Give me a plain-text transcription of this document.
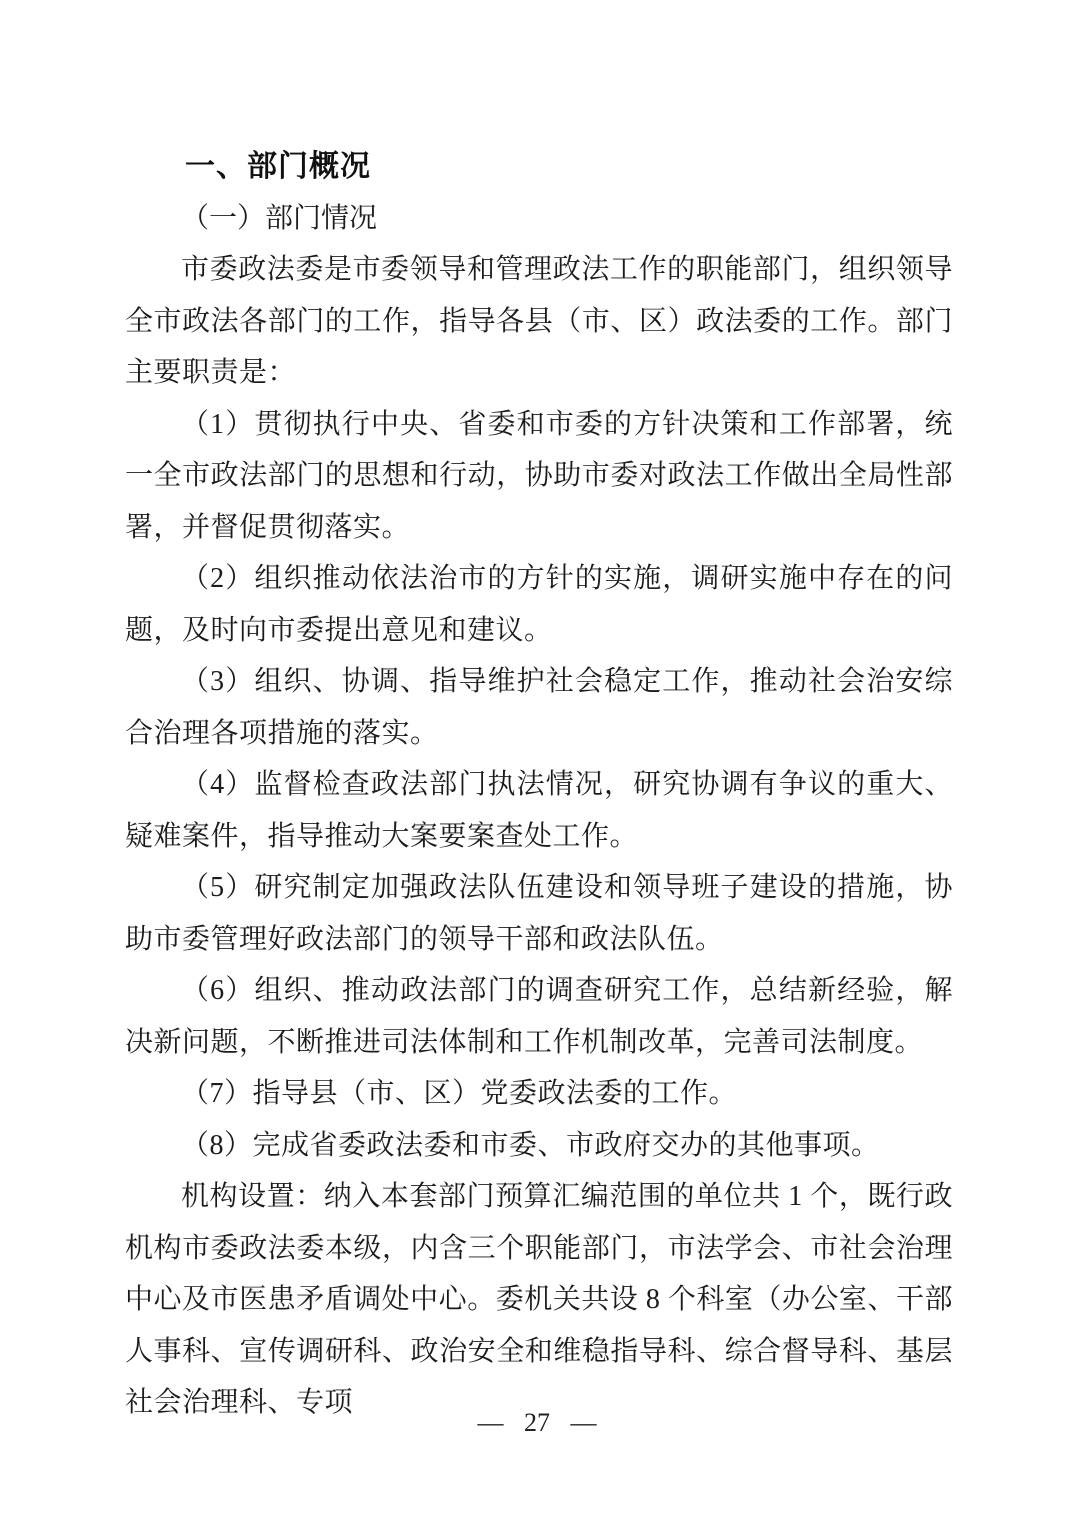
一、部门概况
（一）部门情况

市委政法委是市委领导和管理政法工作的职能部门，组织领导全市政法各部门的工作，指导各县（市、区）政法委的工作。部门主要职责是：

（1）贯彻执行中央、省委和市委的方针决策和工作部署，统一全市政法部门的思想和行动，协助市委对政法工作做出全局性部署，并督促贯彻落实。

（2）组织推动依法治市的方针的实施，调研实施中存在的问题，及时向市委提出意见和建议。

（3）组织、协调、指导维护社会稳定工作，推动社会治安综合治理各项措施的落实。

（4）监督检查政法部门执法情况，研究协调有争议的重大、疑难案件，指导推动大案要案查处工作。

（5）研究制定加强政法队伍建设和领导班子建设的措施，协助市委管理好政法部门的领导干部和政法队伍。

（6）组织、推动政法部门的调查研究工作，总结新经验，解决新问题，不断推进司法体制和工作机制改革，完善司法制度。

（7）指导县（市、区）党委政法委的工作。

（8）完成省委政法委和市委、市政府交办的其他事项。

机构设置：纳入本套部门预算汇编范围的单位共 1 个，既行政机构市委政法委本级，内含三个职能部门，市法学会、市社会治理中心及市医患矛盾调处中心。委机关共设 8 个科室（办公室、干部人事科、宣传调研科、政治安全和维稳指导科、综合督导科、基层社会治理科、专项

— 27 —
